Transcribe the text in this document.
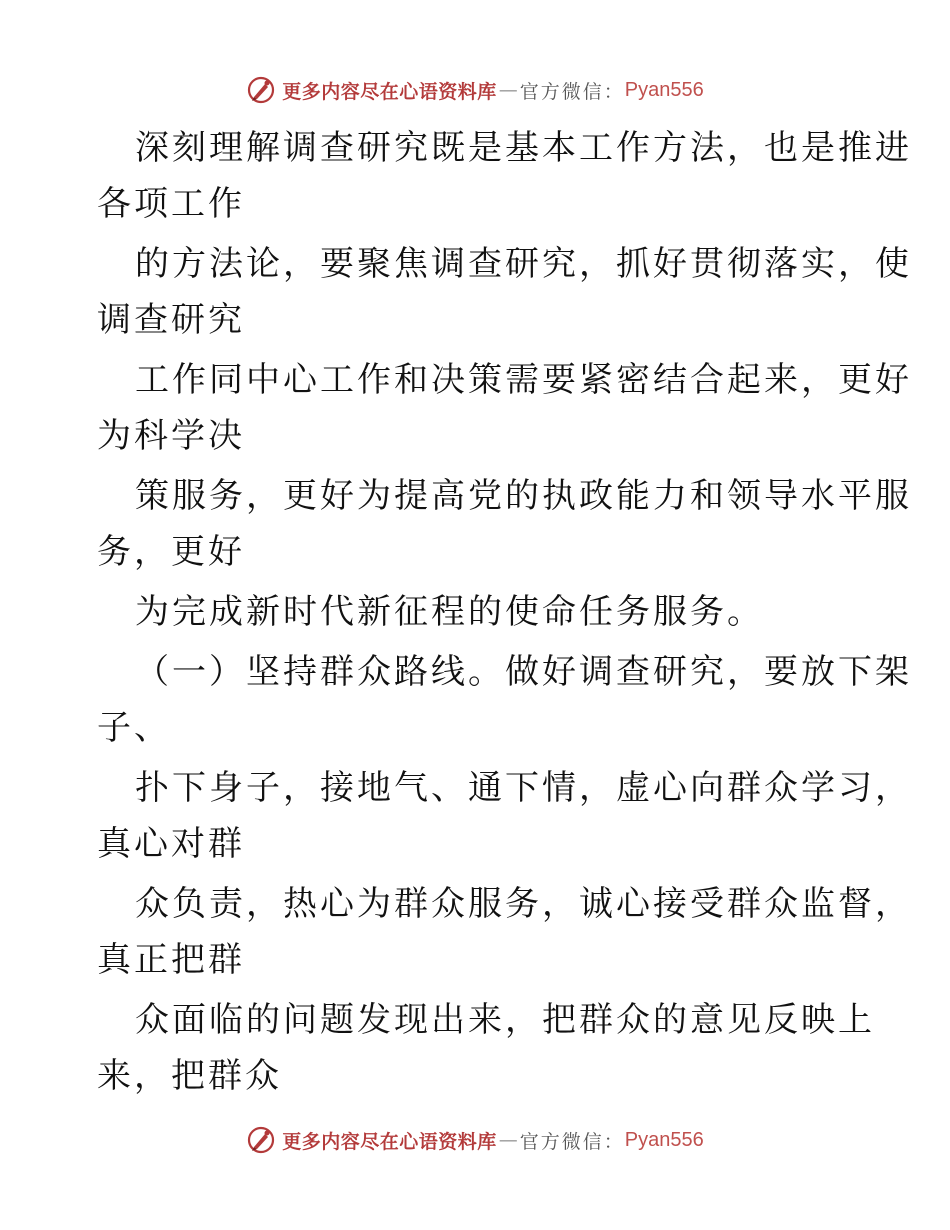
更多内容尽在心语资料库 — 官方微信： Pyan556
深刻理解调查研究既是基本工作方法，也是推进
各项工作
的方法论，要聚焦调查研究，抓好贯彻落实，使
调查研究
工作同中心工作和决策需要紧密结合起来，更好
为科学决
策服务，更好为提高党的执政能力和领导水平服
务，更好
为完成新时代新征程的使命任务服务。
（一）坚持群众路线。做好调查研究，要放下架
子、
扑下身子，接地气、通下情，虚心向群众学习，
真心对群
众负责，热心为群众服务，诚心接受群众监督，
真正把群
众面临的问题发现出来，把群众的意见反映上
来，把群众
更多内容尽在心语资料库 — 官方微信： Pyan556
